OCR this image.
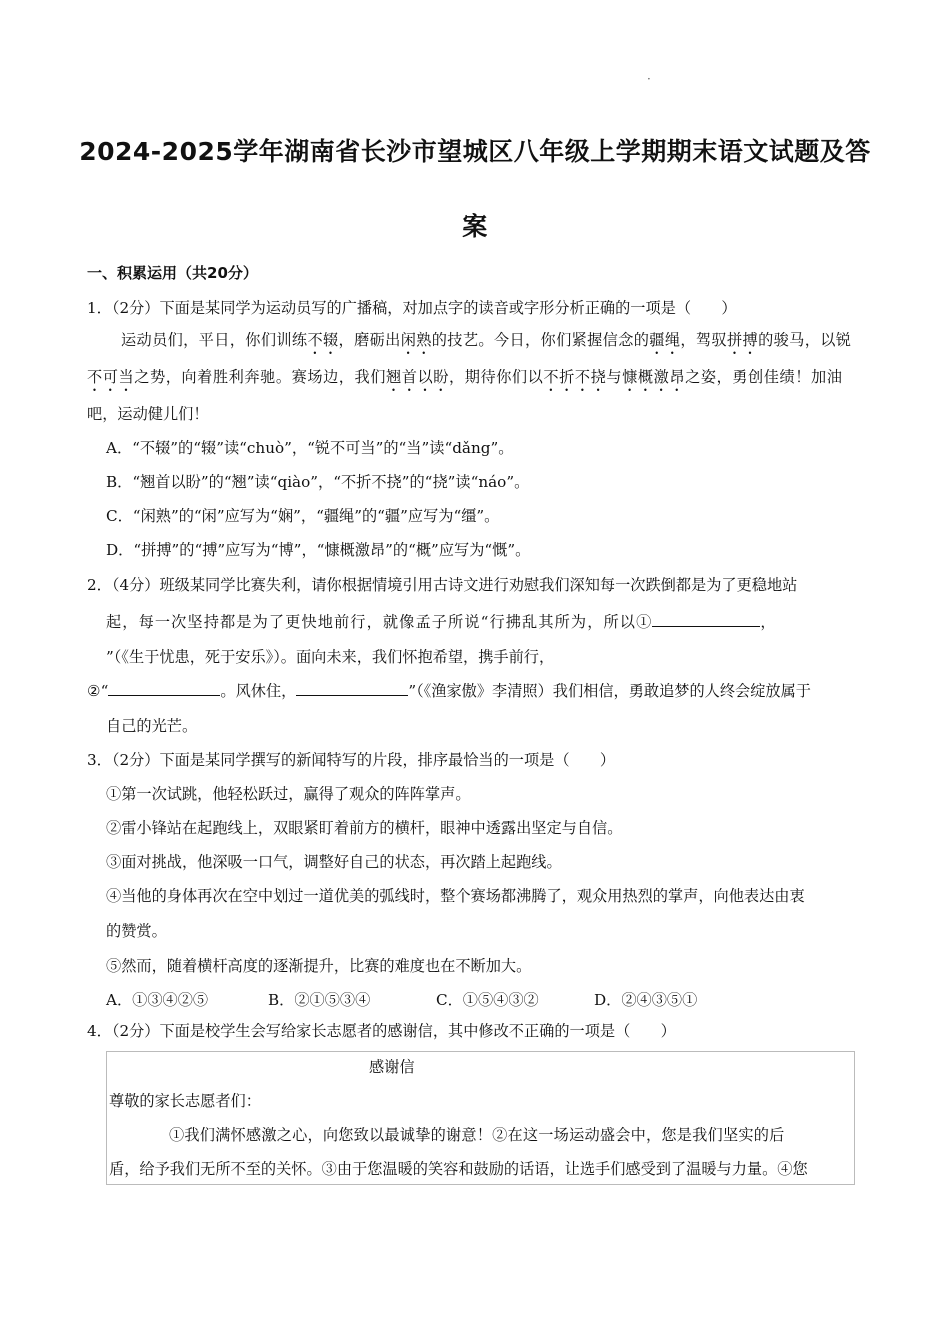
·
2024-2025学年湖南省长沙市望城区八年级上学期期末语文试题及答
案
一、积累运用（共20分）
1．（2分）下面是某同学为运动员写的广播稿，对加点字的读音或字形分析正确的一项是（　　）
运动员们，平日，你们训练不辍，磨砺出闲熟的技艺。今日，你们紧握信念的疆绳，驾驭拼搏的骏马，以锐
不可当之势，向着胜利奔驰。赛场边，我们翘首以盼，期待你们以不折不挠与慷概激昂之姿，勇创佳绩！加油
吧，运动健儿们！
A．“不辍”的“辍”读“chuò”，“锐不可当”的“当”读“dǎng”。
B．“翘首以盼”的“翘”读“qiào”，“不折不挠”的“挠”读“náo”。
C．“闲熟”的“闲”应写为“娴”，“疆绳”的“疆”应写为“缰”。
D．“拼搏”的“搏”应写为“博”，“慷概激昂”的“概”应写为“慨”。
2．（4分）班级某同学比赛失利，请你根据情境引用古诗文进行劝慰我们深知每一次跌倒都是为了更稳地站
起，每一次坚持都是为了更快地前行，就像孟子所说“行拂乱其所为，所以①	，
”（《生于忧患，死于安乐》）。面向未来，我们怀抱希望，携手前行，
②“	。风休住，	”（《渔家傲》李清照）我们相信，勇敢追梦的人终会绽放属于
自己的光芒。
3．（2分）下面是某同学撰写的新闻特写的片段，排序最恰当的一项是（　　）
①第一次试跳，他轻松跃过，赢得了观众的阵阵掌声。
②雷小锋站在起跑线上，双眼紧盯着前方的横杆，眼神中透露出坚定与自信。
③面对挑战，他深吸一口气，调整好自己的状态，再次踏上起跑线。
④当他的身体再次在空中划过一道优美的弧线时，整个赛场都沸腾了，观众用热烈的掌声，向他表达由衷
的赞赏。
⑤然而，随着横杆高度的逐渐提升，比赛的难度也在不断加大。
A．①③④②⑤	B．②①⑤③④	C．①⑤④③②	D．②④③⑤①
4．（2分）下面是校学生会写给家长志愿者的感谢信，其中修改不正确的一项是（　　）
感谢信
尊敬的家长志愿者们：
①我们满怀感激之心，向您致以最诚挚的谢意！②在这一场运动盛会中，您是我们坚实的后
盾，给予我们无所不至的关怀。③由于您温暖的笑容和鼓励的话语，让选手们感受到了温暖与力量。④您
